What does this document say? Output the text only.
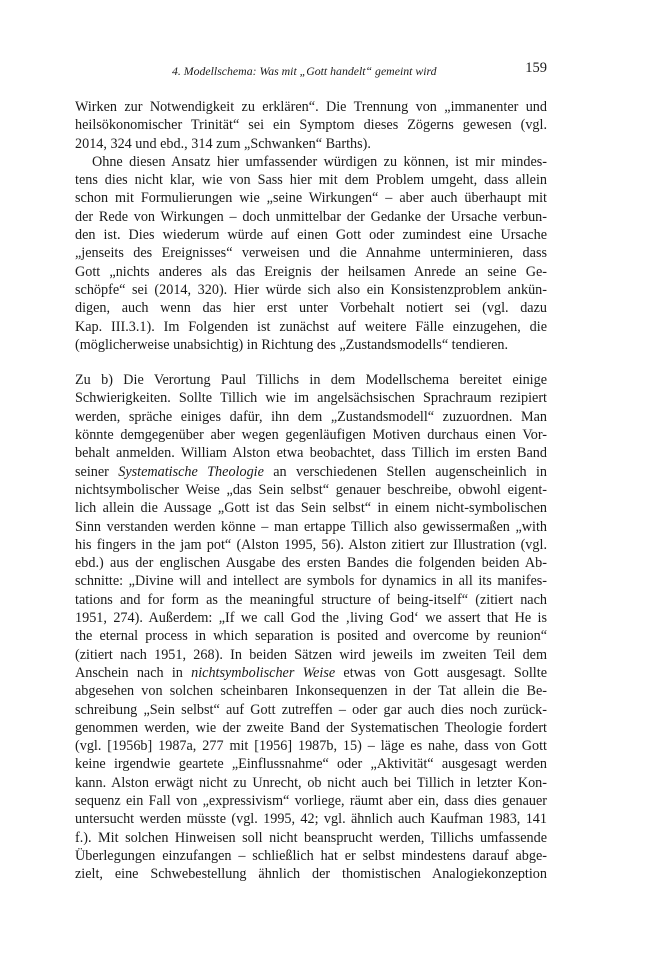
4. Modellschema: Was mit „Gott handelt“ gemeint wird	159
Wirken zur Notwendigkeit zu erklären“. Die Trennung von „immanenter und
heilsökonomischer Trinität“ sei ein Symptom dieses Zögerns gewesen (vgl.
2014, 324 und ebd., 314 zum „Schwanken“ Barths).
Ohne diesen Ansatz hier umfassender würdigen zu können, ist mir mindes-
tens dies nicht klar, wie von Sass hier mit dem Problem umgeht, dass allein
schon mit Formulierungen wie „seine Wirkungen“ – aber auch überhaupt mit
der Rede von Wirkungen – doch unmittelbar der Gedanke der Ursache verbun-
den ist. Dies wiederum würde auf einen Gott oder zumindest eine Ursache
„jenseits des Ereignisses“ verweisen und die Annahme unterminieren, dass
Gott „nichts anderes als das Ereignis der heilsamen Anrede an seine Ge-
schöpfe“ sei (2014, 320). Hier würde sich also ein Konsistenzproblem ankün-
digen, auch wenn das hier erst unter Vorbehalt notiert sei (vgl. dazu
Kap. III.3.1). Im Folgenden ist zunächst auf weitere Fälle einzugehen, die
(möglicherweise unabsichtig) in Richtung des „Zustandsmodells“ tendieren.
Zu b) Die Verortung Paul Tillichs in dem Modellschema bereitet einige
Schwierigkeiten. Sollte Tillich wie im angelsächsischen Sprachraum rezipiert
werden, spräche einiges dafür, ihn dem „Zustandsmodell“ zuzuordnen. Man
könnte demgegenüber aber wegen gegenläufigen Motiven durchaus einen Vor-
behalt anmelden. William Alston etwa beobachtet, dass Tillich im ersten Band
seiner Systematische Theologie an verschiedenen Stellen augenscheinlich in
nichtsymbolischer Weise „das Sein selbst“ genauer beschreibe, obwohl eigent-
lich allein die Aussage „Gott ist das Sein selbst“ in einem nicht-symbolischen
Sinn verstanden werden könne – man ertappe Tillich also gewissermaßen „with
his fingers in the jam pot“ (Alston 1995, 56). Alston zitiert zur Illustration (vgl.
ebd.) aus der englischen Ausgabe des ersten Bandes die folgenden beiden Ab-
schnitte: „Divine will and intellect are symbols for dynamics in all its manifes-
tations and for form as the meaningful structure of being-itself“ (zitiert nach
1951, 274). Außerdem: „If we call God the ‚living God‘ we assert that He is
the eternal process in which separation is posited and overcome by reunion“
(zitiert nach 1951, 268). In beiden Sätzen wird jeweils im zweiten Teil dem
Anschein nach in nichtsymbolischer Weise etwas von Gott ausgesagt. Sollte
abgesehen von solchen scheinbaren Inkonsequenzen in der Tat allein die Be-
schreibung „Sein selbst“ auf Gott zutreffen – oder gar auch dies noch zurück-
genommen werden, wie der zweite Band der Systematischen Theologie fordert
(vgl. [1956b] 1987a, 277 mit [1956] 1987b, 15) – läge es nahe, dass von Gott
keine irgendwie geartete „Einflussnahme“ oder „Aktivität“ ausgesagt werden
kann. Alston erwägt nicht zu Unrecht, ob nicht auch bei Tillich in letzter Kon-
sequenz ein Fall von „expressivism“ vorliege, räumt aber ein, dass dies genauer
untersucht werden müsste (vgl. 1995, 42; vgl. ähnlich auch Kaufman 1983, 141
f.). Mit solchen Hinweisen soll nicht beansprucht werden, Tillichs umfassende
Überlegungen einzufangen – schließlich hat er selbst mindestens darauf abge-
zielt, eine Schwebestellung ähnlich der thomistischen Analogiekonzeption
